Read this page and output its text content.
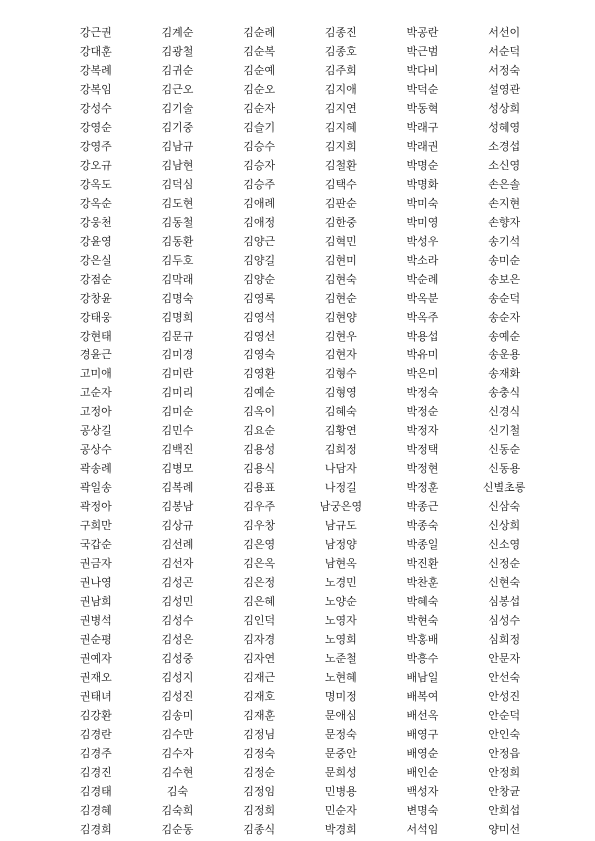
강근권	김계순	김순례	김종진	박공란	서선이
강대훈	김광철	김순복	김종호	박근범	서순덕
강복례	김귀순	김순예	김주희	박다비	서정숙
강복임	김근오	김순오	김지애	박덕순	설영관
강성수	김기술	김순자	김지연	박동혁	성상희
강영순	김기중	김슬기	김지혜	박래구	성혜영
강영주	김남규	김승수	김지희	박래권	소경섭
강오규	김남현	김승자	김철환	박명순	소신영
강옥도	김덕심	김승주	김택수	박명화	손은솔
강옥순	김도현	김애례	김판순	박미숙	손지현
강웅천	김동철	김애정	김한중	박미영	손향자
강윤영	김동환	김양근	김혁민	박성우	송기석
강은실	김두호	김양길	김현미	박소라	송미순
강점순	김막래	김양순	김현숙	박순례	송보은
강창윤	김명숙	김영록	김현순	박옥분	송순덕
강태웅	김명희	김영석	김현양	박옥주	송순자
강현태	김문규	김영선	김현우	박용섭	송예순
경윤근	김미경	김영숙	김현자	박유미	송운용
고미애	김미란	김영환	김형수	박은미	송재화
고순자	김미리	김예순	김형영	박정숙	송충식
고정아	김미순	김옥이	김혜숙	박정순	신경식
공상길	김민수	김요순	김황연	박정자	신기철
공상수	김백진	김용성	김희정	박정택	신동순
곽송례	김병모	김용식	나담자	박정현	신동용
곽일송	김복례	김용표	나정길	박정훈	신별초롱
곽정아	김봉남	김우주	남궁은영	박종근	신삼숙
구희만	김상규	김우창	남규도	박종숙	신상희
국갑순	김선례	김은영	남정양	박종일	신소영
권금자	김선자	김은옥	남현옥	박진환	신정순
권나영	김성곤	김은정	노경민	박찬훈	신현숙
권남희	김성민	김은혜	노양순	박혜숙	심봉섭
권병석	김성수	김인덕	노영자	박현숙	심성수
권순평	김성은	김자경	노영희	박홍배	심희정
권예자	김성중	김자연	노준철	박흥수	안문자
권재오	김성지	김재근	노현혜	배남일	안선숙
권태녀	김성진	김재호	명미정	배복여	안성진
김강환	김송미	김재훈	문애심	배선옥	안순덕
김경란	김수만	김정님	문정숙	배영구	안인숙
김경주	김수자	김정숙	문중안	배영순	안정읍
김경진	김수현	김정순	문희성	배인순	안정희
김경태	김숙	김정임	민병용	백성자	안창균
김경혜	김숙희	김정희	민순자	변명숙	안희섭
김경희	김순동	김종식	박경희	서석임	양미선
